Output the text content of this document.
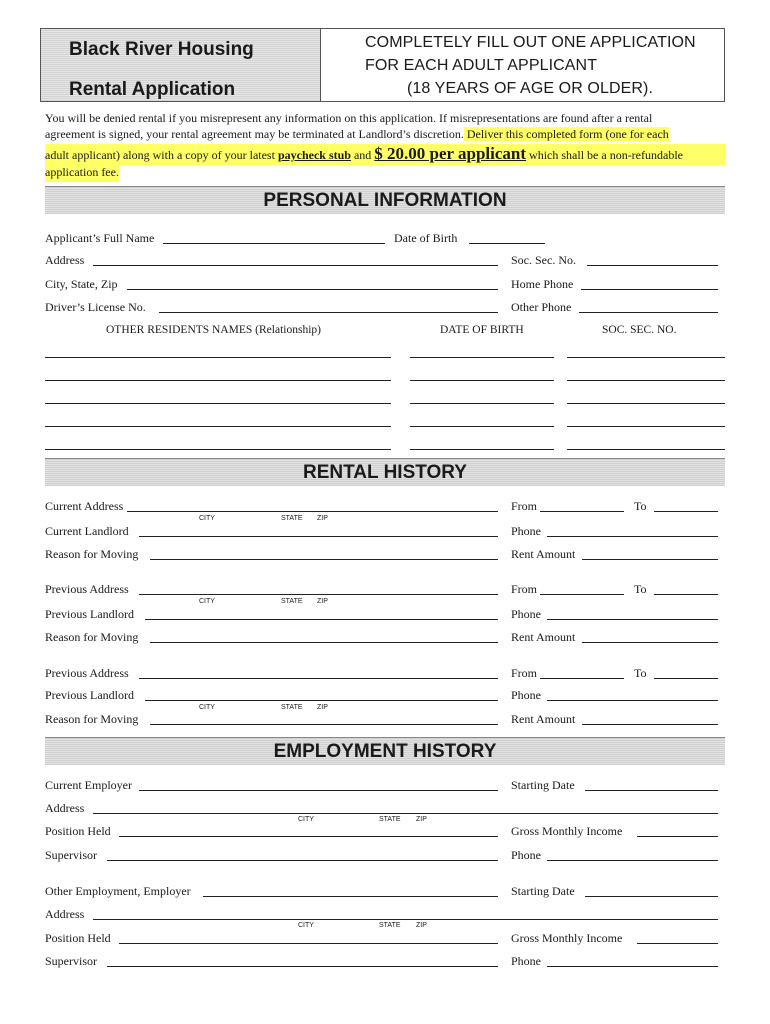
Black River Housing
Rental Application
COMPLETELY FILL OUT ONE APPLICATION
FOR EACH ADULT APPLICANT
(18 YEARS OF AGE OR OLDER).
You will be denied rental if you misrepresent any information on this application. If misrepresentations are found after a rental
agreement is signed, your rental agreement may be terminated at Landlord’s discretion. Deliver this completed form (one for each
adult applicant) along with a copy of your latest paycheck stub and $ 20.00 per applicant which shall be a non-refundable
application fee.
PERSONAL INFORMATION
Applicant’s Full Name	Date of Birth
Address	Soc. Sec. No.
City, State, Zip	Home Phone
Driver’s License No.	Other Phone
OTHER RESIDENTS NAMES (Relationship)	DATE OF BIRTH	SOC. SEC. NO.
RENTAL HISTORY
Current Address	From	To
CITY	STATE ZIP
Current Landlord	Phone
Reason for Moving	Rent Amount
Previous Address	From	To
CITY	STATE ZIP
Previous Landlord	Phone
Reason for Moving	Rent Amount
Previous Address	From	To
Previous Landlord	Phone
CITY	STATE ZIP
Reason for Moving	Rent Amount
EMPLOYMENT HISTORY
Current Employer	Starting Date
Address
CITY	STATE ZIP
Position Held	Gross Monthly Income
Supervisor	Phone
Other Employment, Employer	Starting Date
Address
CITY	STATE ZIP
Position Held	Gross Monthly Income
Supervisor	Phone
